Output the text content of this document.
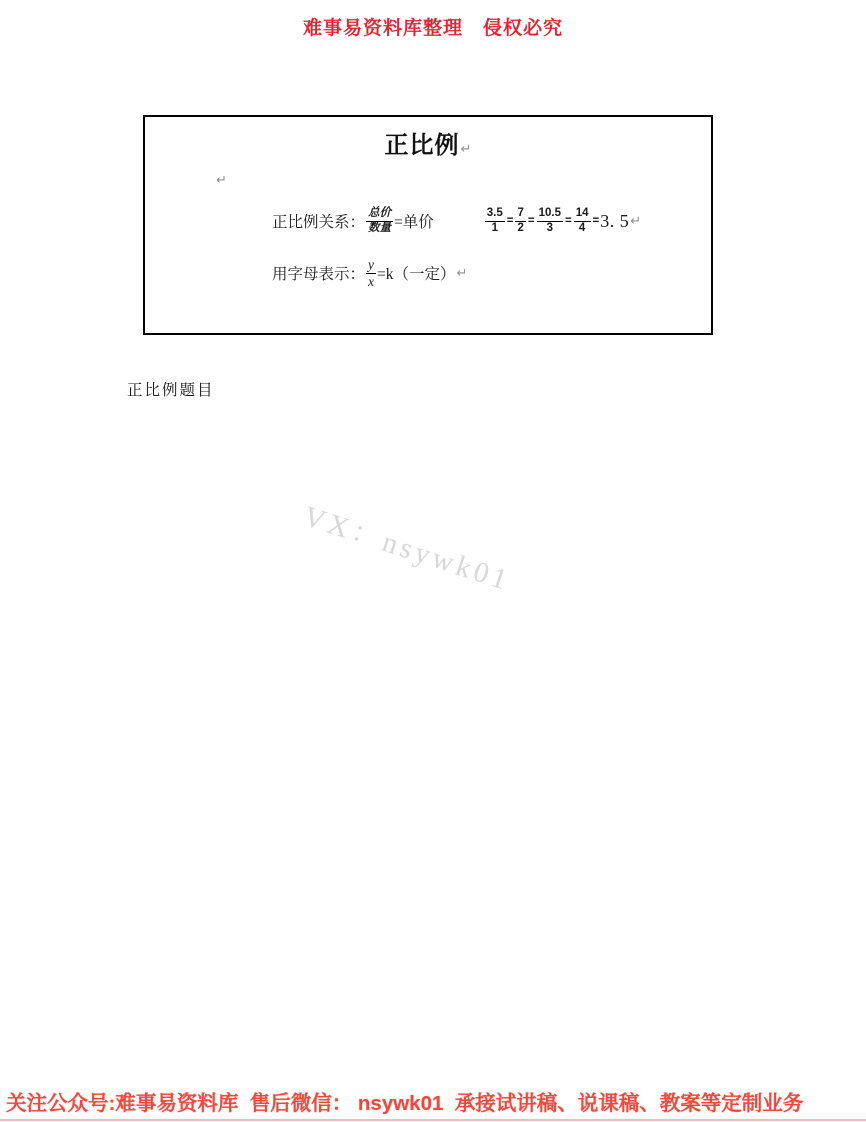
难事易资料库整理　侵权必究
正比例↵
↵
正比例关系： $\frac{\text{总价}}{\text{数量}}$ =单价	$\frac{3.5}{1} = \frac{7}{2} = \frac{10.5}{3} = \frac{14}{4} = 3$. 5 ↵
用字母表示： $\frac{y}{x} =k$（一定） ↵
正比例题目
VX：nsywk01
关注公众号:难事易资料库  售后微信： nsywk01  承接试讲稿、说课稿、教案等定制业务
